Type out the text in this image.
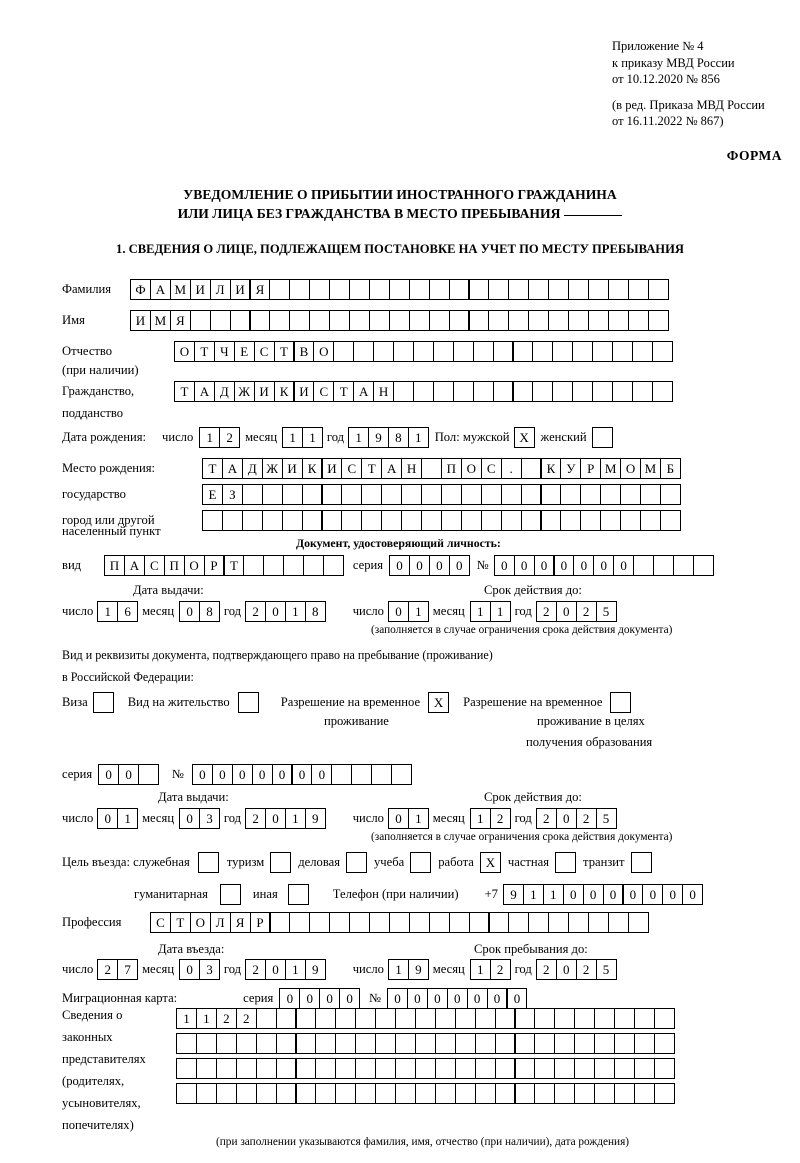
Приложение № 4
к приказу МВД России
от 10.12.2020 № 856
(в ред. Приказа МВД России
от 16.11.2022 № 867)
ФОРМА
УВЕДОМЛЕНИЕ О ПРИБЫТИИ ИНОСТРАННОГО ГРАЖДАНИНА
ИЛИ ЛИЦА БЕЗ ГРАЖДАНСТВА В МЕСТО ПРЕБЫВАНИЯ
1. СВЕДЕНИЯ О ЛИЦЕ, ПОДЛЕЖАЩЕМ ПОСТАНОВКЕ НА УЧЕТ ПО МЕСТУ ПРЕБЫВАНИЯ
Фамилия	Ф А М И Л И Я
Имя	И М Я
Отчество	О Т Ч Е С Т В О
(при наличии)
Гражданство,	Т А Д Ж И К И С Т А Н
подданство
Дата рождения: число	1	2 месяц 1	1 год 1	9	8	1	Пол: мужской X женский
Место рождения:	Т А Д Ж И К И С Т А Н	П О С	.	К У Р М О М Б
государство	Е З
город или другой
населенный пункт
Документ, удостоверяющий личность:
вид	П А С П О Р Т	серия	0	0	0	0	№ 0	0	0	0	0	0	0
Дата выдачи:	Срок действия до:
число 1	6 месяц 0	8 год 2	0	1	8	число 0	1 месяц 1	1 год 2	0	2	5
(заполняется в случае ограничения срока действия документа)
Вид и реквизиты документа, подтверждающего право на пребывание (проживание)
в Российской Федерации:
Виза	Вид на жительство	Разрешение на временное	X	Разрешение на временное
проживание	проживание в целях
получения образования
серия	0	0	№	0	0	0	0	0	0	0
Дата выдачи:	Срок действия до:
число 0	1 месяц 0	3 год 2	0	1	9	число 0	1 месяц 1	2 год 2	0	2	5
(заполняется в случае ограничения срока действия документа)
Цель въезда: служебная	туризм	деловая	учеба	работа X	частная	транзит
гуманитарная	иная	Телефон (при наличии) +7 9	1	1	0	0	0	0	0	0	0
Профессия	С Т О Л Я Р
Дата въезда:	Срок пребывания до:
число 2	7 месяц 0	3 год 2	0	1	9	число 1	9 месяц 1	2 год 2	0	2	5
Миграционная карта:	серия	0	0	0	0	№	0	0	0	0	0	0	0
Сведения о
законных
представителях
(родителях,
усыновителях,
попечителях)
1	1	2	2
(при заполнении указываются фамилия, имя, отчество (при наличии), дата рождения)
